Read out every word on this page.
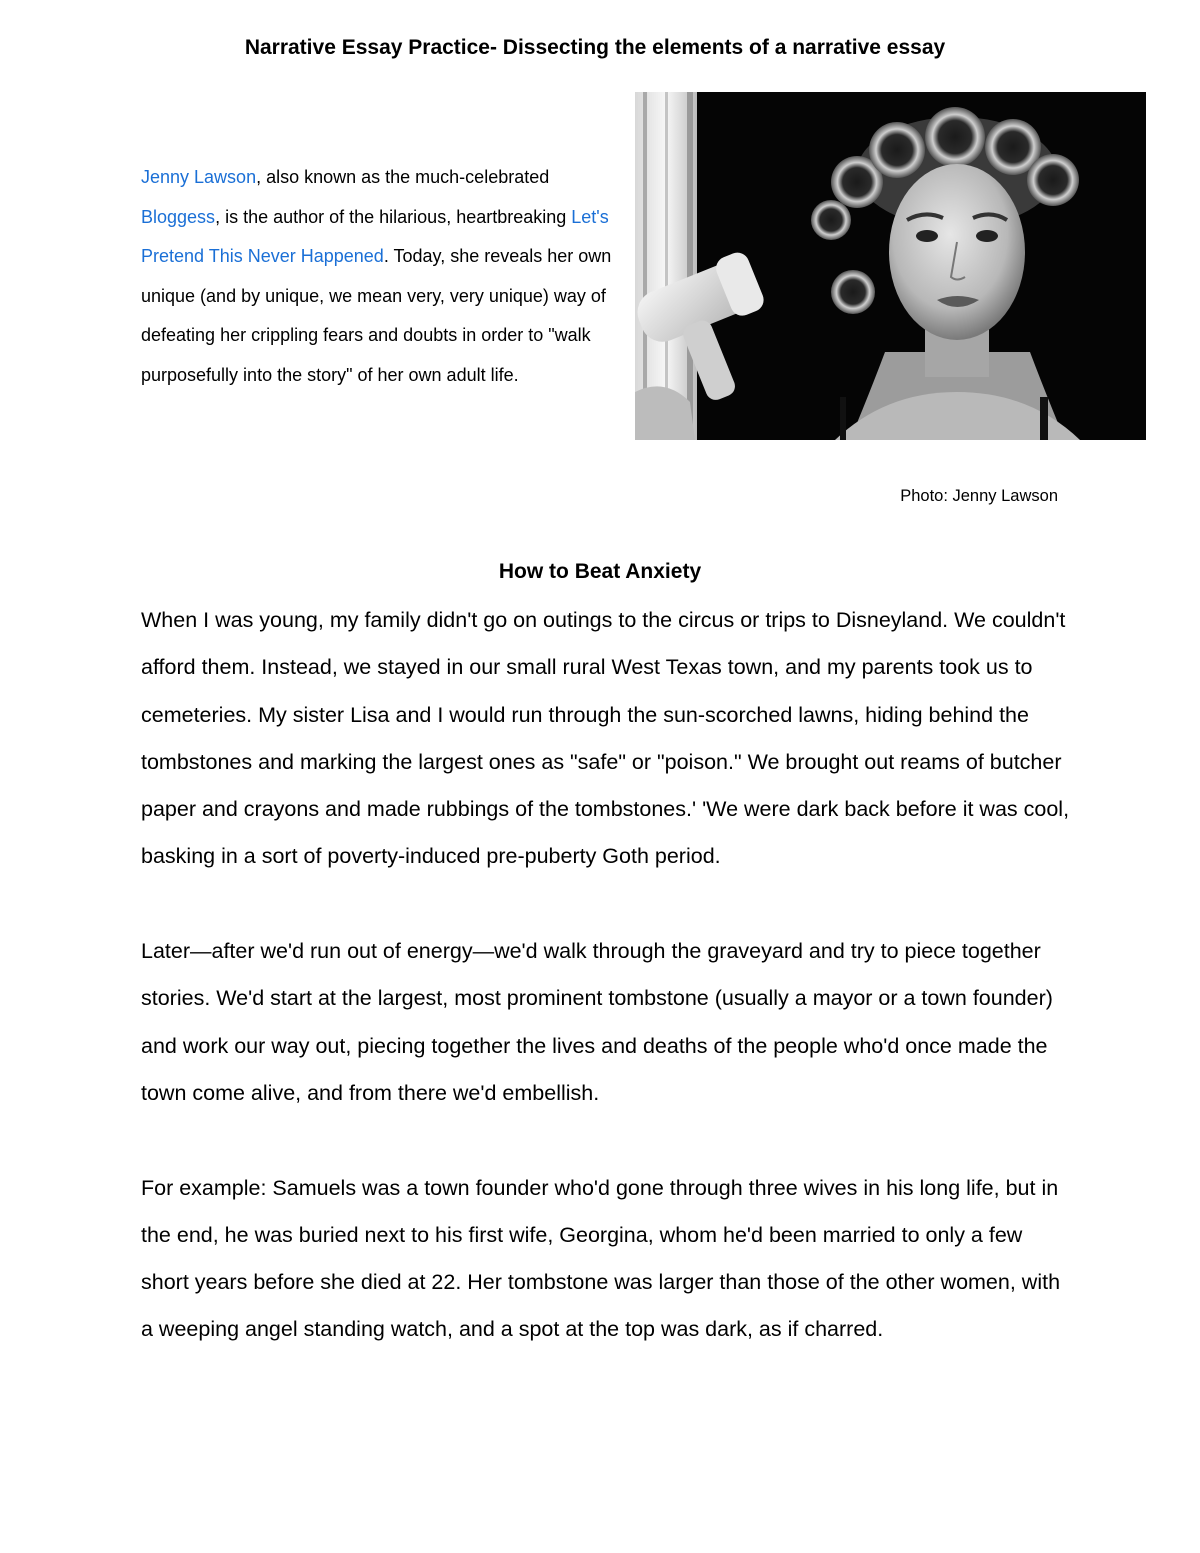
Narrative Essay Practice- Dissecting the elements of a narrative essay

Jenny Lawson, also known as the much-celebrated Bloggess, is the author of the hilarious, heartbreaking Let's Pretend This Never Happened. Today, she reveals her own unique (and by unique, we mean very, very unique) way of defeating her crippling fears and doubts in order to "walk purposefully into the story" of her own adult life.

Photo: Jenny Lawson

How to Beat Anxiety

When I was young, my family didn't go on outings to the circus or trips to Disneyland. We couldn't afford them. Instead, we stayed in our small rural West Texas town, and my parents took us to cemeteries. My sister Lisa and I would run through the sun-scorched lawns, hiding behind the tombstones and marking the largest ones as "safe" or "poison." We brought out reams of butcher paper and crayons and made rubbings of the tombstones.' 'We were dark back before it was cool, basking in a sort of poverty-induced pre-puberty Goth period.

Later—after we'd run out of energy—we'd walk through the graveyard and try to piece together stories. We'd start at the largest, most prominent tombstone (usually a mayor or a town founder) and work our way out, piecing together the lives and deaths of the people who'd once made the town come alive, and from there we'd embellish.

For example: Samuels was a town founder who'd gone through three wives in his long life, but in the end, he was buried next to his first wife, Georgina, whom he'd been married to only a few short years before she died at 22. Her tombstone was larger than those of the other women, with a weeping angel standing watch, and a spot at the top was dark, as if charred.
